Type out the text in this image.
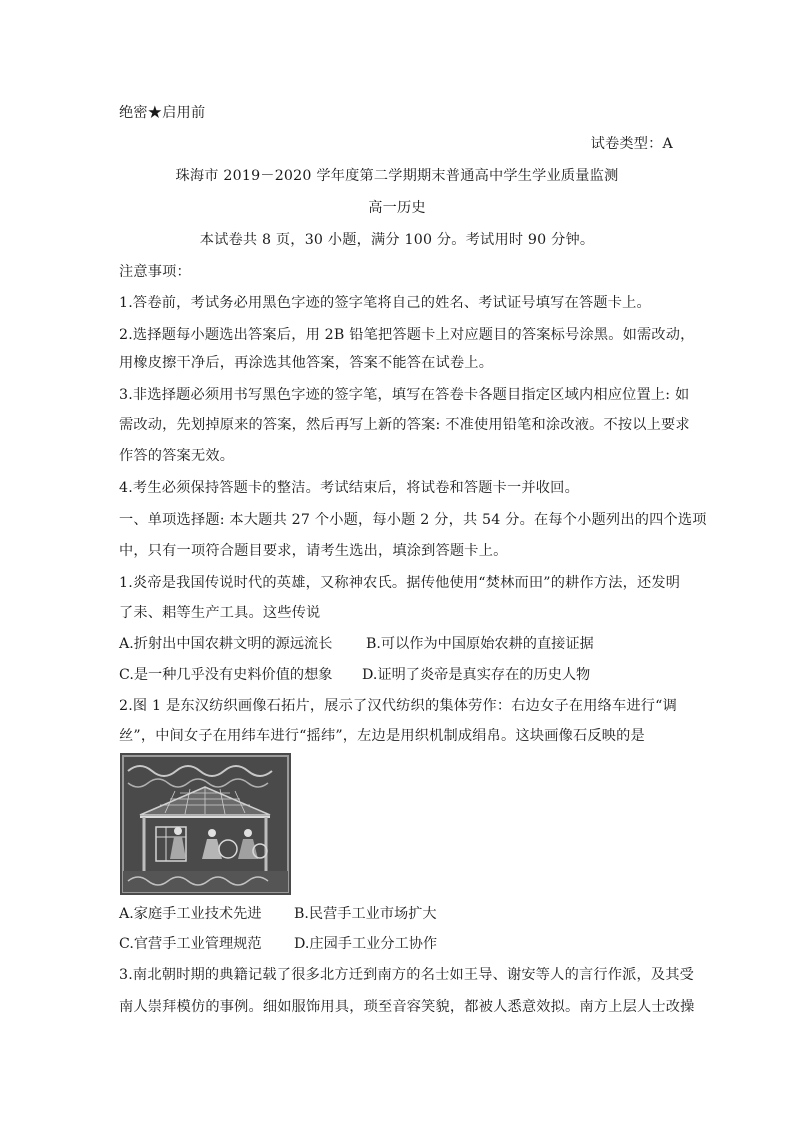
绝密★启用前
试卷类型：A
珠海市 2019－2020 学年度第二学期期末普通高中学生学业质量监测
高一历史
本试卷共 8 页，30 小题，满分 100 分。考试用时 90 分钟。
注意事项：
1.答卷前，考试务必用黑色字迹的签字笔将自己的姓名、考试证号填写在答题卡上。
2.选择题每小题选出答案后，用 2B 铅笔把答题卡上对应题目的答案标号涂黑。如需改动，
用橡皮擦干净后，再涂选其他答案，答案不能答在试卷上。
3.非选择题必须用书写黑色字迹的签字笔，填写在答卷卡各题目指定区域内相应位置上: 如
需改动，先划掉原来的答案，然后再写上新的答案: 不准使用铅笔和涂改液。不按以上要求
作答的答案无效。
4.考生必须保持答题卡的整洁。考试结束后，将试卷和答题卡一并收回。
一、单项选择题: 本大题共 27 个小题，每小题 2 分，共 54 分。在每个小题列出的四个选项
中，只有一项符合题目要求，请考生选出，填涂到答题卡上。
1.炎帝是我国传说时代的英雄，又称神农氏。据传他使用“焚林而田”的耕作方法，还发明
了耒、耜等生产工具。这些传说
A.折射出中国农耕文明的源远流长 B.可以作为中国原始农耕的直接证据
C.是一种几乎没有史料价值的想象 D.证明了炎帝是真实存在的历史人物
2.图 1 是东汉纺织画像石拓片，展示了汉代纺织的集体劳作：右边女子在用络车进行“调
丝”，中间女子在用纬车进行“摇纬”，左边是用织机制成绢帛。这块画像石反映的是
A.家庭手工业技术先进 B.民营手工业市场扩大
C.官营手工业管理规范 D.庄园手工业分工协作
3.南北朝时期的典籍记载了很多北方迁到南方的名士如王导、谢安等人的言行作派，及其受
南人崇拜模仿的事例。细如服饰用具，琐至音容笑貌，都被人悉意效拟。南方上层人士改操
